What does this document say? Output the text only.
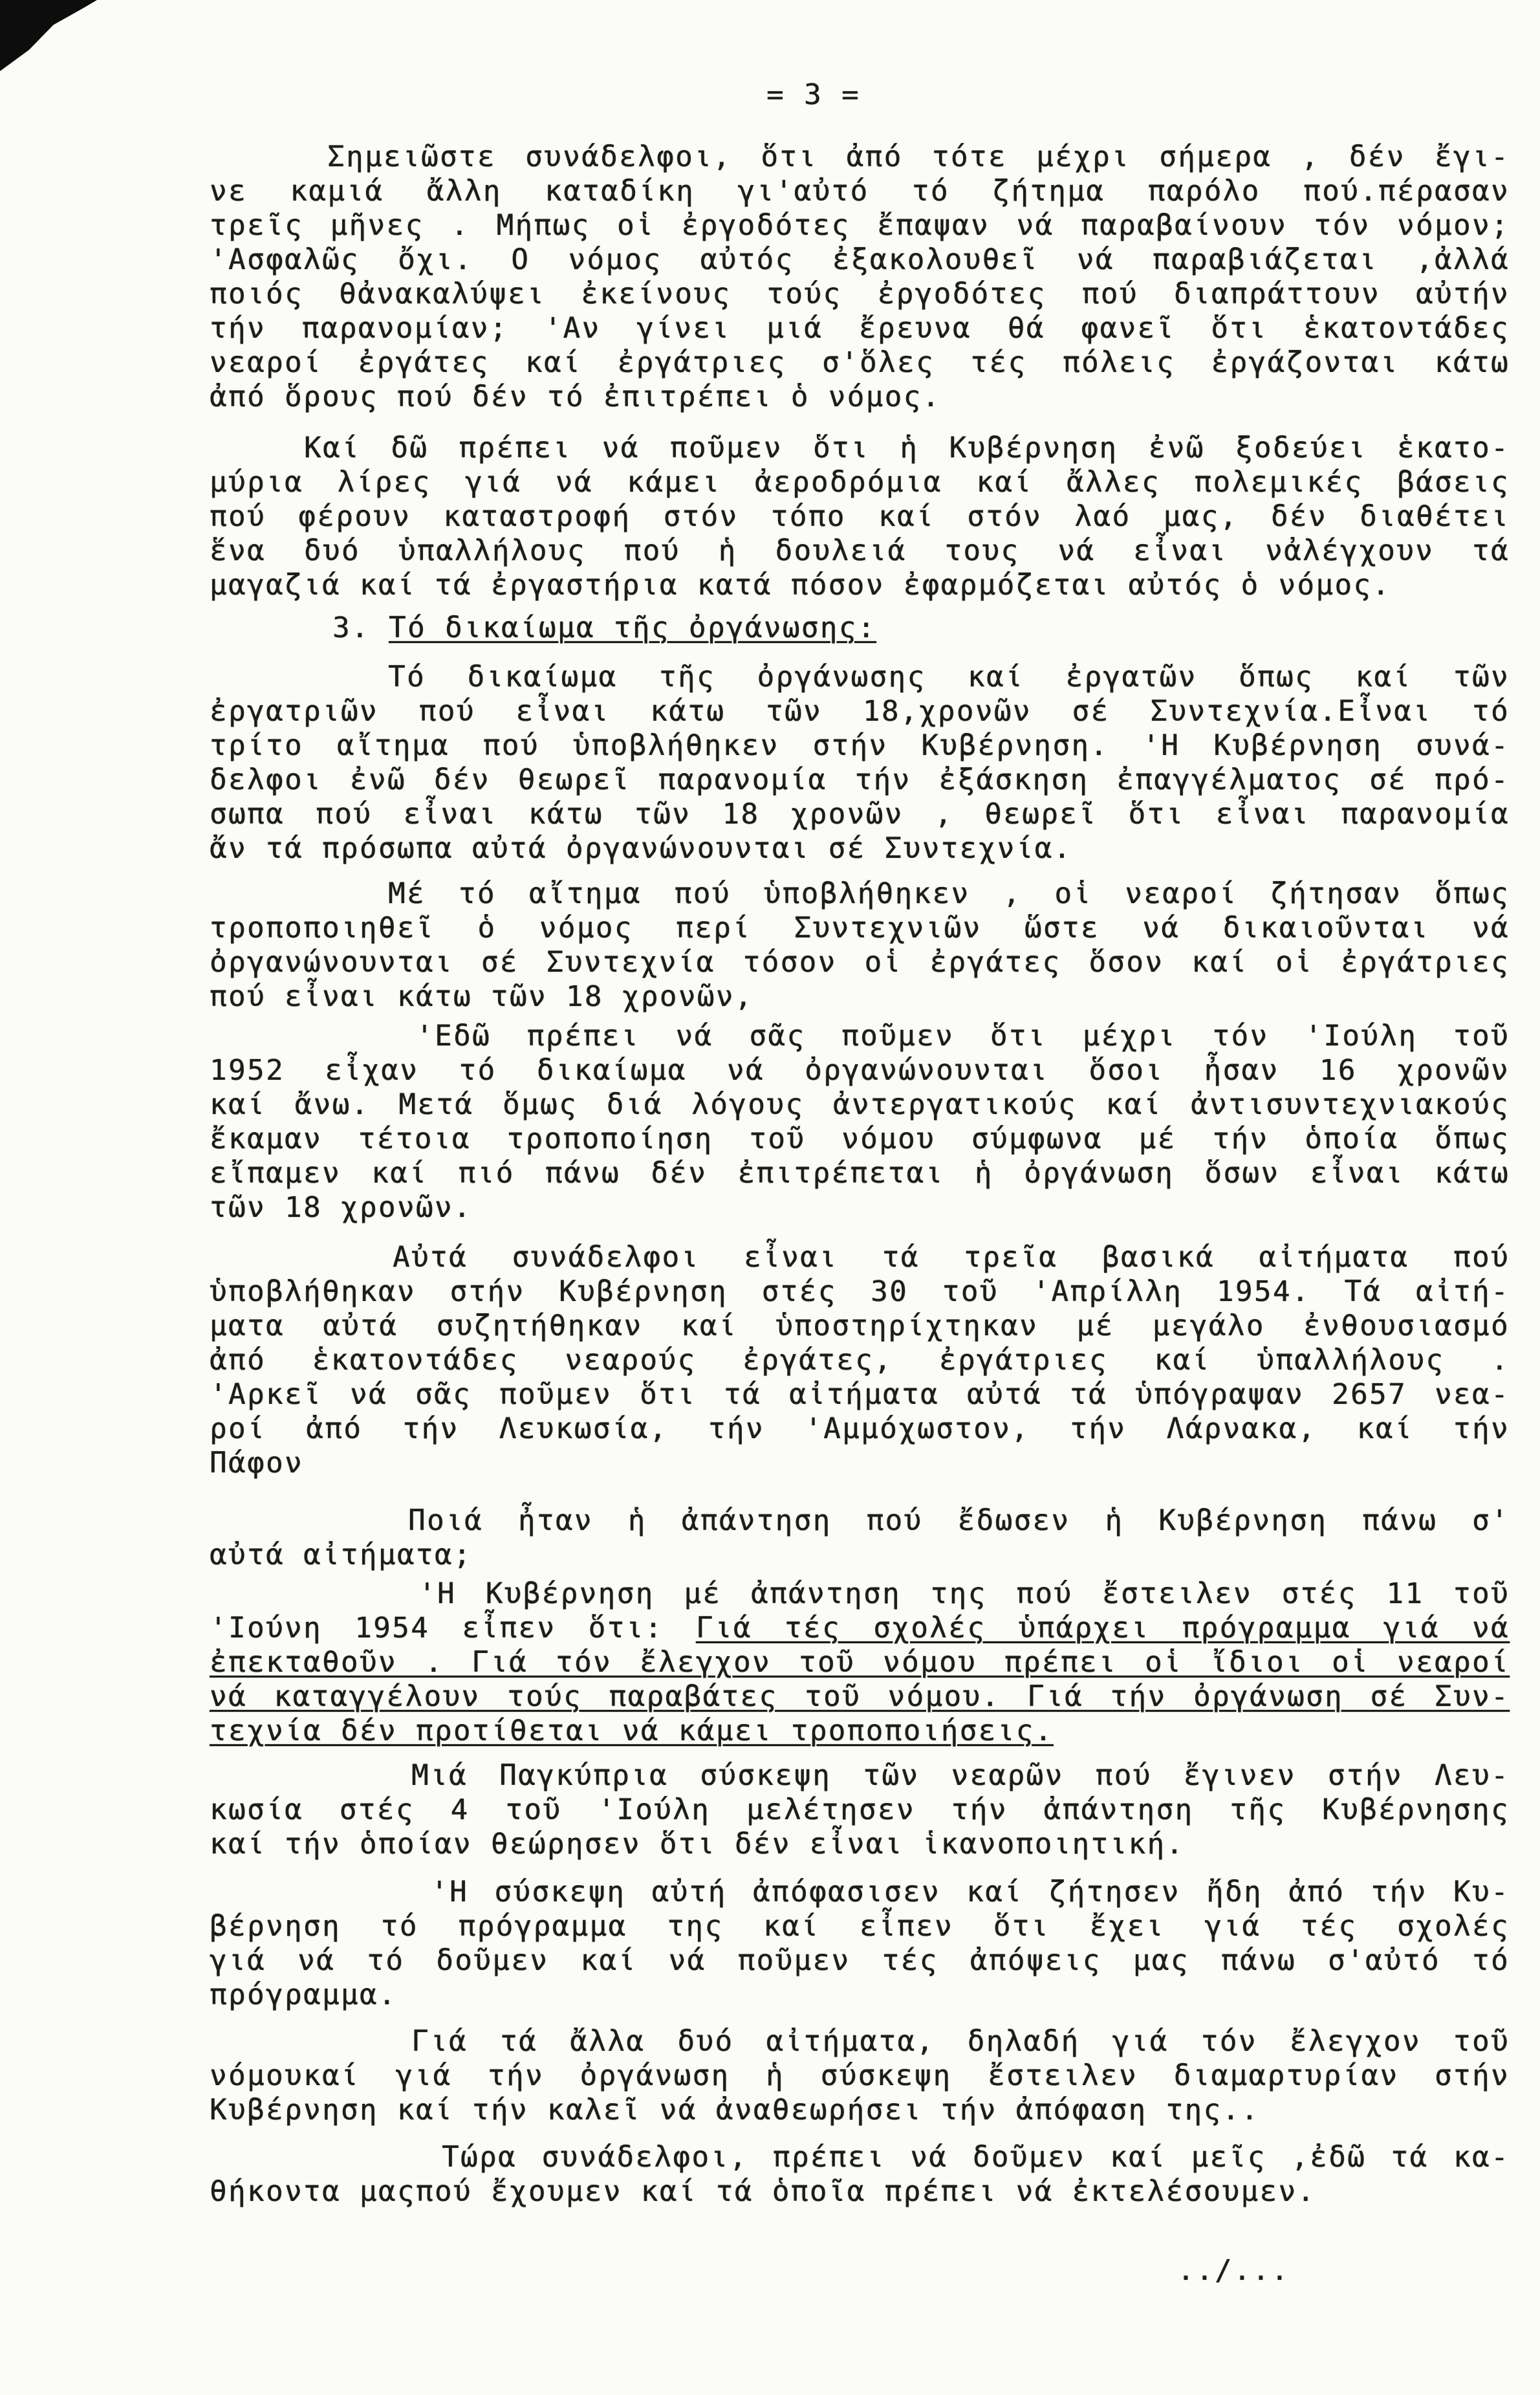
= 3 =
3. Τό δικαίωμα τῆς ὀργάνωσης:
Σημειῶστε συνάδελφοι, ὅτι ἀπό τότε μέχρι σήμερα , δέν ἔγι-
νε καμιά ἄλλη καταδίκη γι'αὐτό τό ζήτημα παρόλο πού.πέρασαν
τρεῖς μῆνες . Μήπως οἱ ἐργοδότες ἔπαψαν νά παραβαίνουν τόν νόμον;
'Ασφαλῶς ὄχι. Ο νόμος αὐτός ἐξακολουθεῖ νά παραβιάζεται ,ἀλλά
ποιός θἀνακαλύψει ἐκείνους τούς ἐργοδότες πού διαπράττουν αὐτήν
τήν παρανομίαν; 'Αν γίνει μιά ἔρευνα θά φανεῖ ὅτι ἑκατοντάδες
νεαροί ἐργάτες καί ἐργάτριες σ'ὅλες τές πόλεις ἐργάζονται κάτω
ἀπό ὅρους πού δέν τό ἐπιτρέπει ὁ νόμος.
Καί δῶ πρέπει νά ποῦμεν ὅτι ἡ Κυβέρνηση ἐνῶ ξοδεύει ἑκατο-
μύρια λίρες γιά νά κάμει ἀεροδρόμια καί ἄλλες πολεμικές βάσεις
πού φέρουν καταστροφή στόν τόπο καί στόν λαό μας, δέν διαθέτει
ἕνα δυό ὑπαλλήλους πού ἡ δουλειά τους νά εἶναι νἀλέγχουν τά
μαγαζιά καί τά ἐργαστήρια κατά πόσον ἐφαρμόζεται αὐτός ὁ νόμος.
Τό δικαίωμα τῆς ὀργάνωσης καί ἐργατῶν ὅπως καί τῶν
ἐργατριῶν πού εἶναι κάτω τῶν 18,χρονῶν σέ Συντεχνία.Εἶναι τό
τρίτο αἴτημα πού ὑποβλήθηκεν στήν Κυβέρνηση. 'Η Κυβέρνηση συνά-
δελφοι ἐνῶ δέν θεωρεῖ παρανομία τήν ἐξάσκηση ἐπαγγέλματος σέ πρό-
σωπα πού εἶναι κάτω τῶν 18 χρονῶν , θεωρεῖ ὅτι εἶναι παρανομία
ἄν τά πρόσωπα αὐτά ὀργανώνουνται σέ Συντεχνία.
Μέ τό αἴτημα πού ὑποβλήθηκεν , οἱ νεαροί ζήτησαν ὅπως
τροποποιηθεῖ ὁ νόμος περί Συντεχνιῶν ὥστε νά δικαιοῦνται νά
ὀργανώνουνται σέ Συντεχνία τόσον οἱ ἐργάτες ὅσον καί οἱ ἐργάτριες
πού εἶναι κάτω τῶν 18 χρονῶν,
'Εδῶ πρέπει νά σᾶς ποῦμεν ὅτι μέχρι τόν 'Ιούλη τοῦ
1952 εἶχαν τό δικαίωμα νά ὀργανώνουνται ὅσοι ἦσαν 16 χρονῶν
καί ἄνω. Μετά ὅμως διά λόγους ἀντεργατικούς καί ἀντισυντεχνιακούς
ἔκαμαν τέτοια τροποποίηση τοῦ νόμου σύμφωνα μέ τήν ὁποία ὅπως
εἴπαμεν καί πιό πάνω δέν ἐπιτρέπεται ἡ ὀργάνωση ὅσων εἶναι κάτω
τῶν 18 χρονῶν.
Αὐτά συνάδελφοι εἶναι τά τρεῖα βασικά αἰτήματα πού
ὑποβλήθηκαν στήν Κυβέρνηση στές 30 τοῦ 'Απρίλλη 1954. Τά αἰτή-
ματα αὐτά συζητήθηκαν καί ὑποστηρίχτηκαν μέ μεγάλο ἐνθουσιασμό
ἀπό ἑκατοντάδες νεαρούς ἐργάτες, ἐργάτριες καί ὑπαλλήλους .
'Αρκεῖ νά σᾶς ποῦμεν ὅτι τά αἰτήματα αὐτά τά ὑπόγραψαν 2657 νεα-
ροί ἀπό τήν Λευκωσία, τήν 'Αμμόχωστον, τήν Λάρνακα, καί τήν
Πάφον
Ποιά ἦταν ἡ ἀπάντηση πού ἔδωσεν ἡ Κυβέρνηση πάνω σ'
αὐτά αἰτήματα;
'Η Κυβέρνηση μέ ἀπάντηση της πού ἔστειλεν στές 11 τοῦ
'Ιούνη 1954 εἶπεν ὅτι: Γιά τές σχολές ὑπάρχει πρόγραμμα γιά νά
ἐπεκταθοῦν . Γιά τόν ἔλεγχον τοῦ νόμου πρέπει οἱ ἴδιοι οἱ νεαροί
νά καταγγέλουν τούς παραβάτες τοῦ νόμου. Γιά τήν ὀργάνωση σέ Συν-
τεχνία δέν προτίθεται νά κάμει τροποποιήσεις.
Μιά Παγκύπρια σύσκεψη τῶν νεαρῶν πού ἔγινεν στήν Λευ-
κωσία στές 4 τοῦ 'Ιούλη μελέτησεν τήν ἀπάντηση τῆς Κυβέρνησης
καί τήν ὁποίαν θεώρησεν ὅτι δέν εἶναι ἱκανοποιητική.
'Η σύσκεψη αὐτή ἀπόφασισεν καί ζήτησεν ἤδη ἀπό τήν Κυ-
βέρνηση τό πρόγραμμα της καί εἶπεν ὅτι ἔχει γιά τές σχολές
γιά νά τό δοῦμεν καί νά ποῦμεν τές ἀπόψεις μας πάνω σ'αὐτό τό
πρόγραμμα.
Γιά τά ἄλλα δυό αἰτήματα, δηλαδή γιά τόν ἔλεγχον τοῦ
νόμουκαί γιά τήν ὀργάνωση ἡ σύσκεψη ἔστειλεν διαμαρτυρίαν στήν
Κυβέρνηση καί τήν καλεῖ νά ἀναθεωρήσει τήν ἀπόφαση της..
Τώρα συνάδελφοι, πρέπει νά δοῦμεν καί μεῖς ,ἐδῶ τά κα-
θήκοντα μαςπού ἔχουμεν καί τά ὁποῖα πρέπει νά ἐκτελέσουμεν.
../...
